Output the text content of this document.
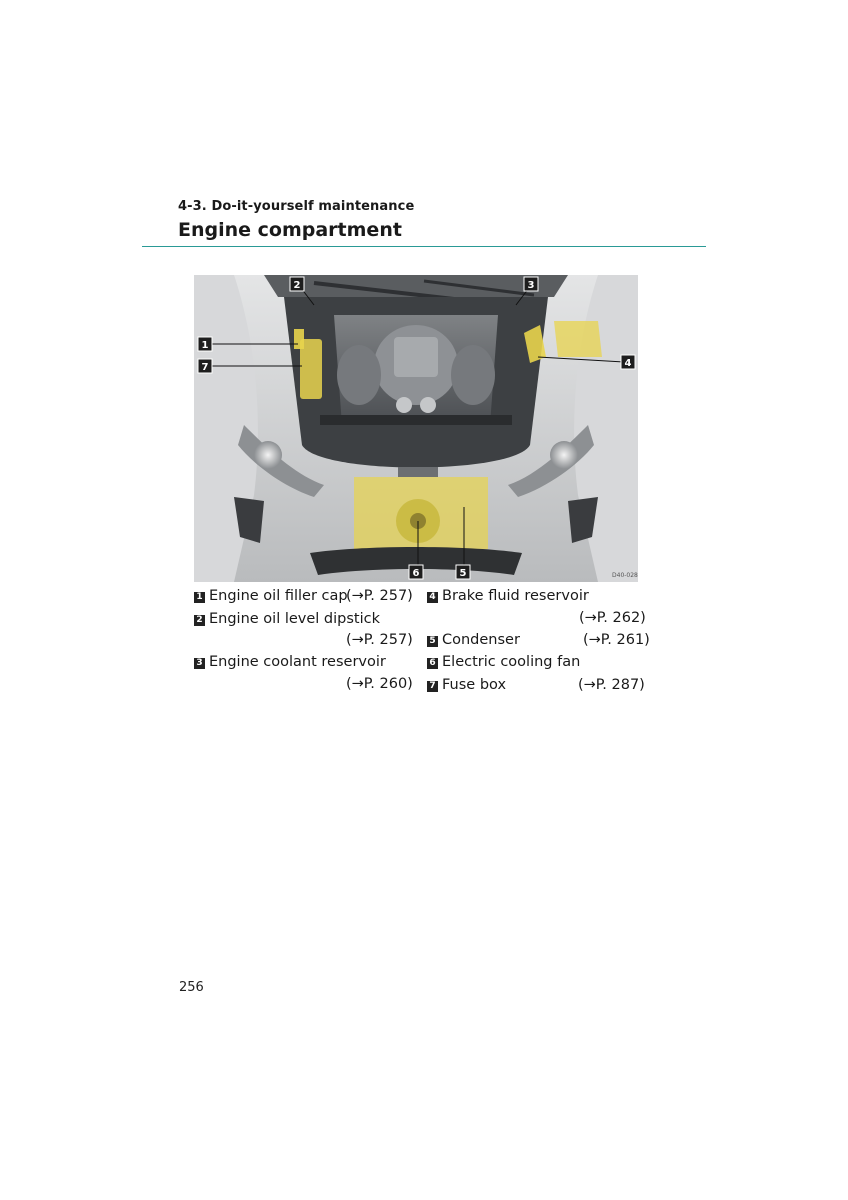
4-3. Do-it-yourself maintenance
Engine compartment
1
7
2	3
4
6	5	D40-028
1 Engine oil filler cap
(→P. 257)
2 Engine oil level dipstick
(→P. 257)
3 Engine coolant reservoir
(→P. 260)
4 Brake fluid reservoir
(→P. 262)
5 Condenser	(→P. 261)
6 Electric cooling fan
7 Fuse box	(→P. 287)
256
